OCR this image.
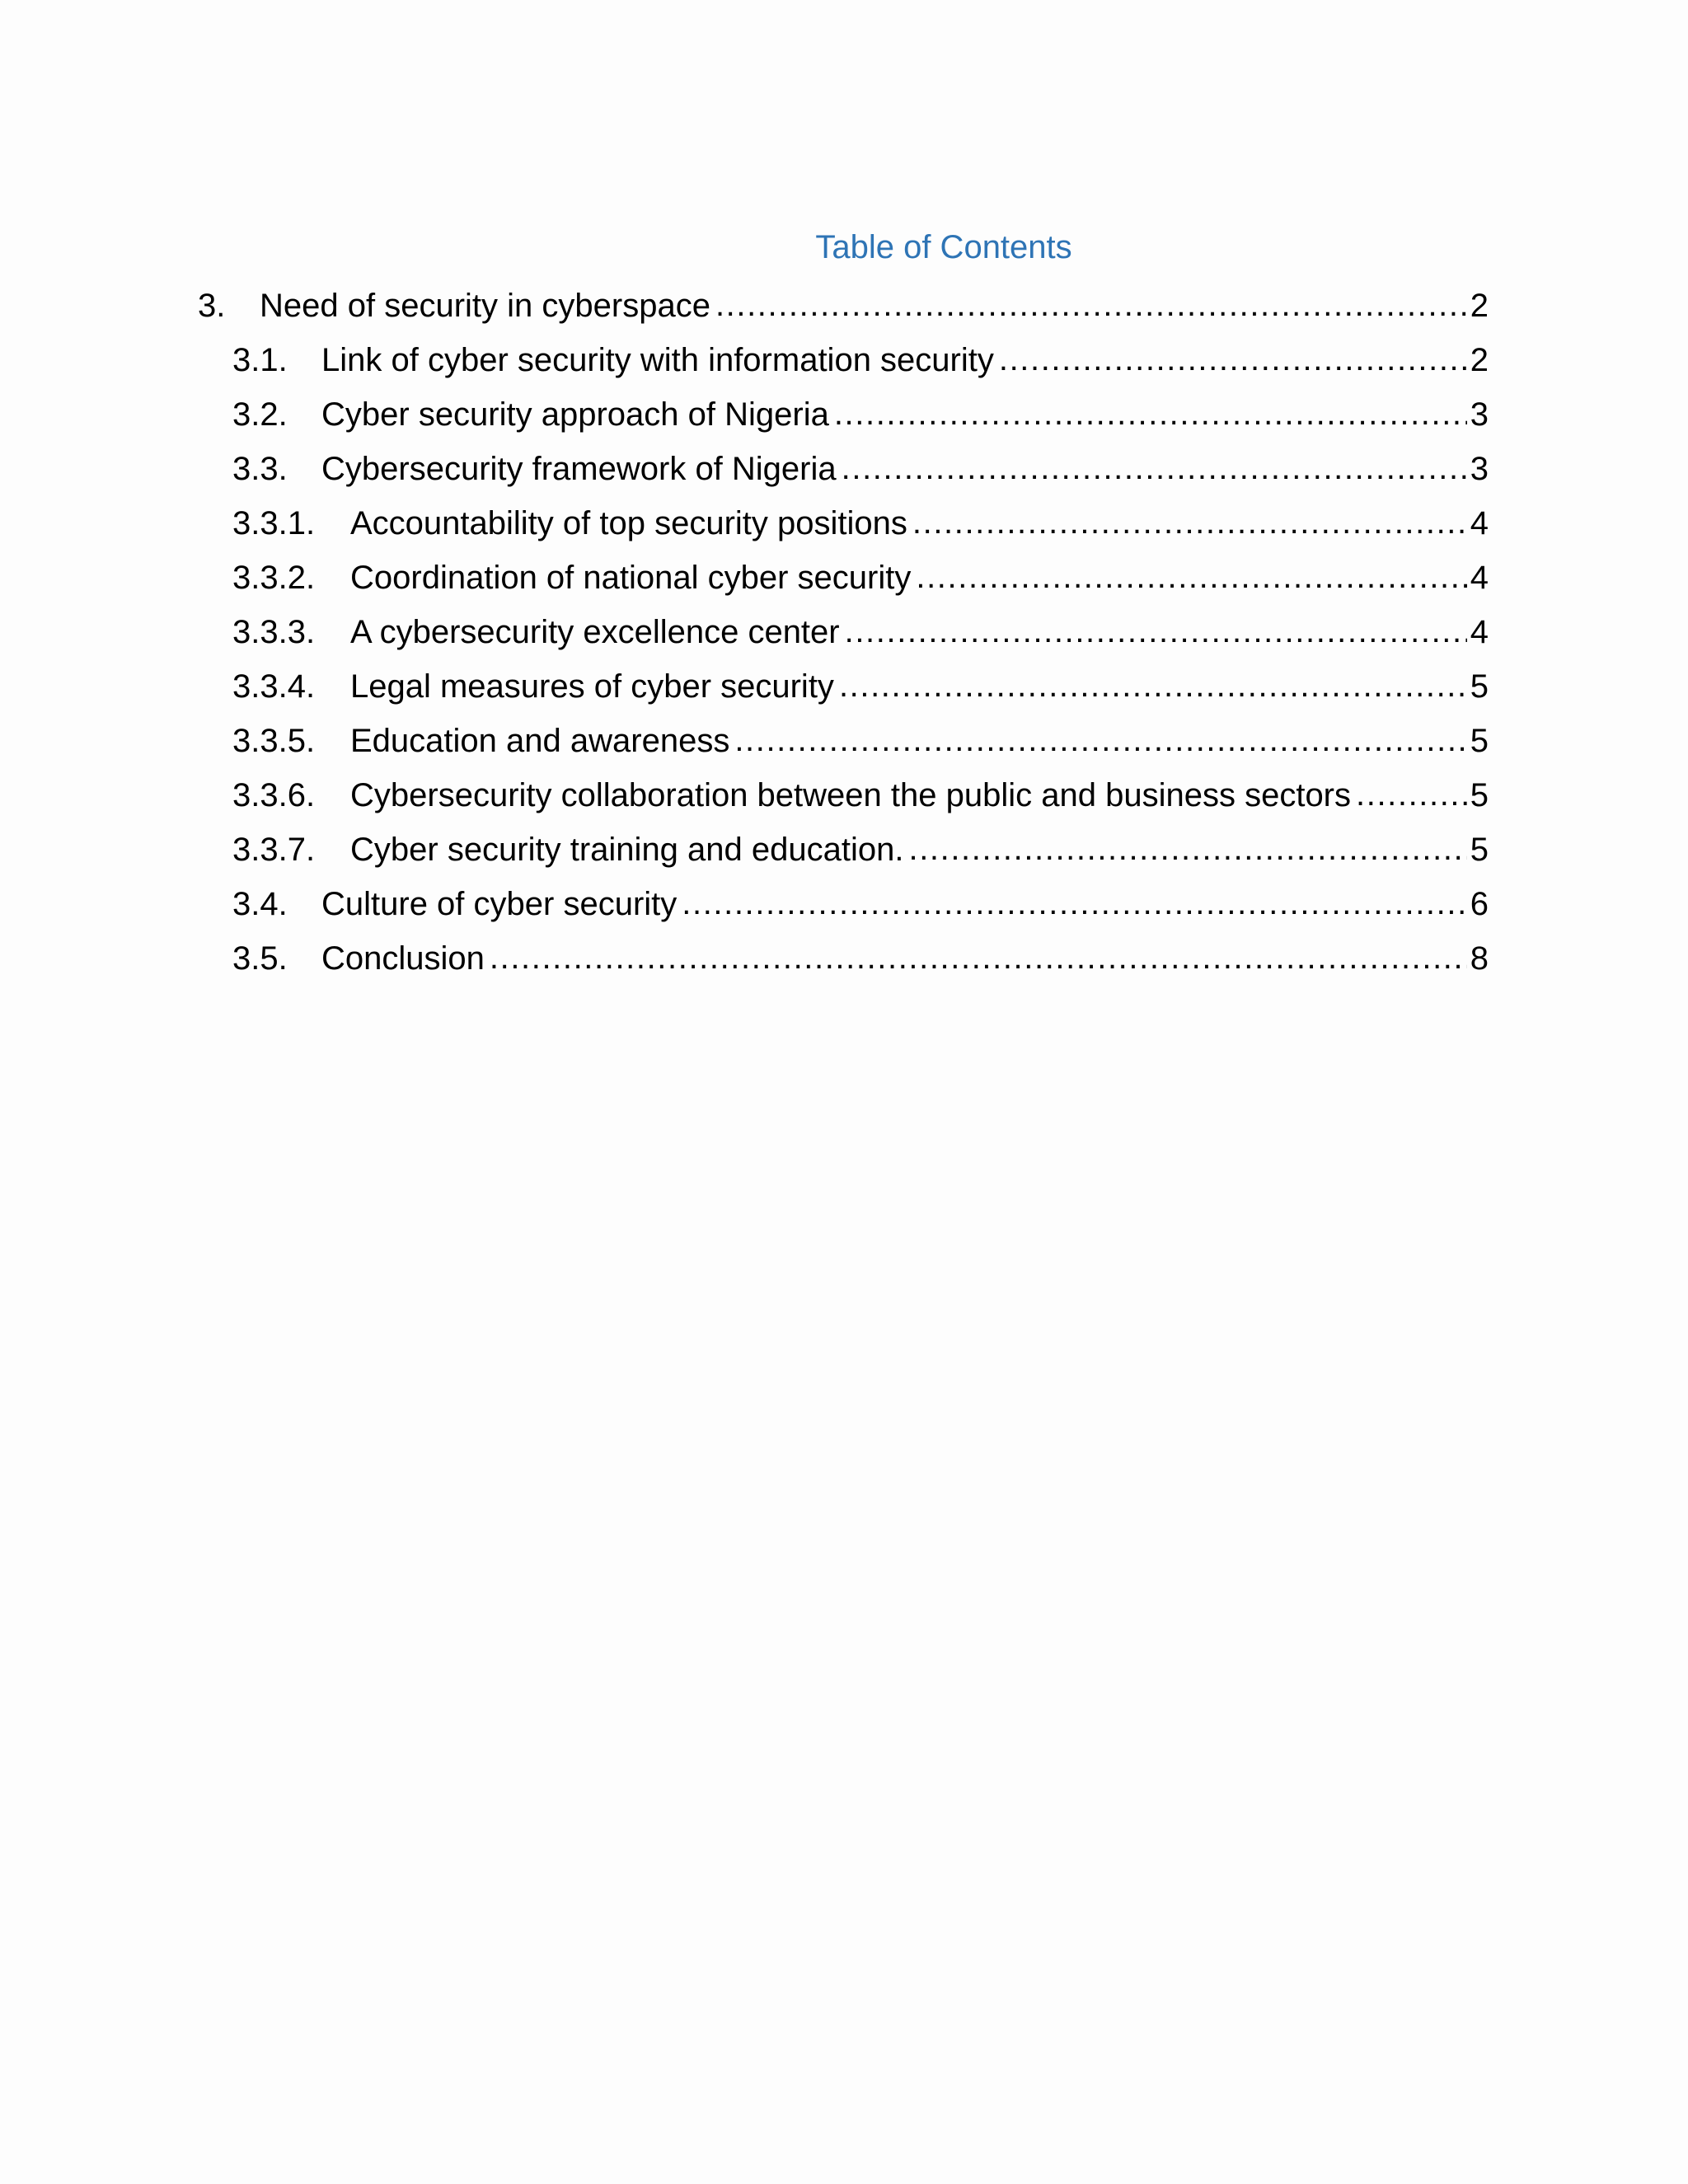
Table of Contents
3.	Need of security in cyberspace .....	2
3.1.	Link of cyber security with information security .....	2
3.2.	Cyber security approach of Nigeria .....	3
3.3.	Cybersecurity framework of Nigeria .....	3
3.3.1.	Accountability of top security positions .....	4
3.3.2.	Coordination of national cyber security .....	4
3.3.3.	A cybersecurity excellence center .....	4
3.3.4.	Legal measures of cyber security .....	5
3.3.5.	Education and awareness .....	5
3.3.6.	Cybersecurity collaboration between the public and business sectors .....	5
3.3.7.	Cyber security training and education. .....	5
3.4.	Culture of cyber security .....	6
3.5.	Conclusion .....	8
